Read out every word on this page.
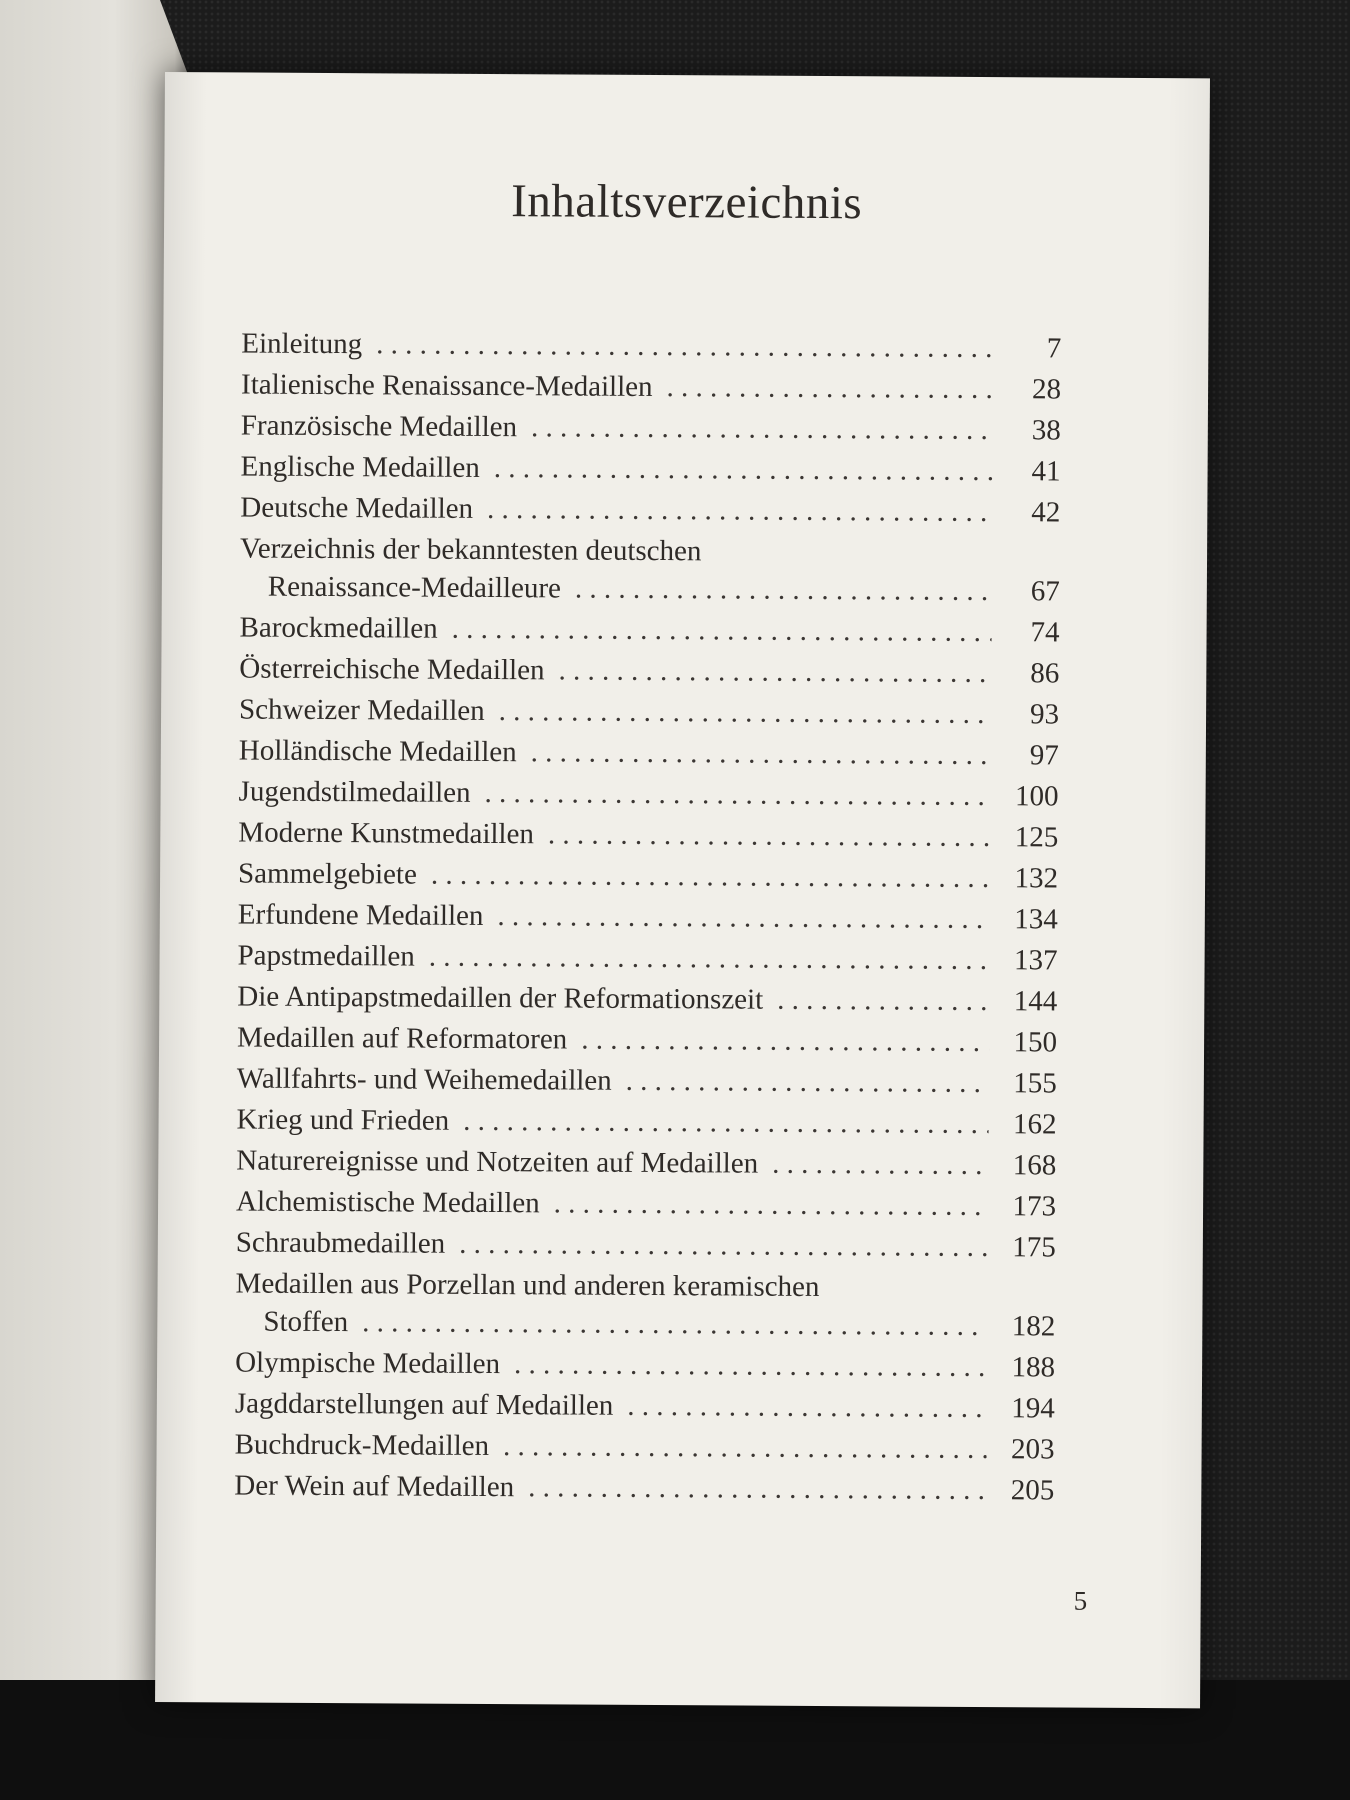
Inhaltsverzeichnis
Einleitung . . .	7
Italienische Renaissance-Medaillen . . .	28
Französische Medaillen . . .	38
Englische Medaillen . . .	41
Deutsche Medaillen . . .	42
Verzeichnis der bekanntesten deutschen
Renaissance-Medailleure . . .	67
Barockmedaillen . . .	74
Österreichische Medaillen . . .	86
Schweizer Medaillen . . .	93
Holländische Medaillen . . .	97
Jugendstilmedaillen . . .	100
Moderne Kunstmedaillen . . .	125
Sammelgebiete . . .	132
Erfundene Medaillen . . .	134
Papstmedaillen . . .	137
Die Antipapstmedaillen der Reformationszeit . . .	144
Medaillen auf Reformatoren . . .	150
Wallfahrts- und Weihemedaillen . . .	155
Krieg und Frieden . . .	162
Naturereignisse und Notzeiten auf Medaillen . . .	168
Alchemistische Medaillen . . .	173
Schraubmedaillen . . .	175
Medaillen aus Porzellan und anderen keramischen
Stoffen . . .	182
Olympische Medaillen . . .	188
Jagddarstellungen auf Medaillen . . .	194
Buchdruck-Medaillen . . .	203
Der Wein auf Medaillen . . .	205
5
